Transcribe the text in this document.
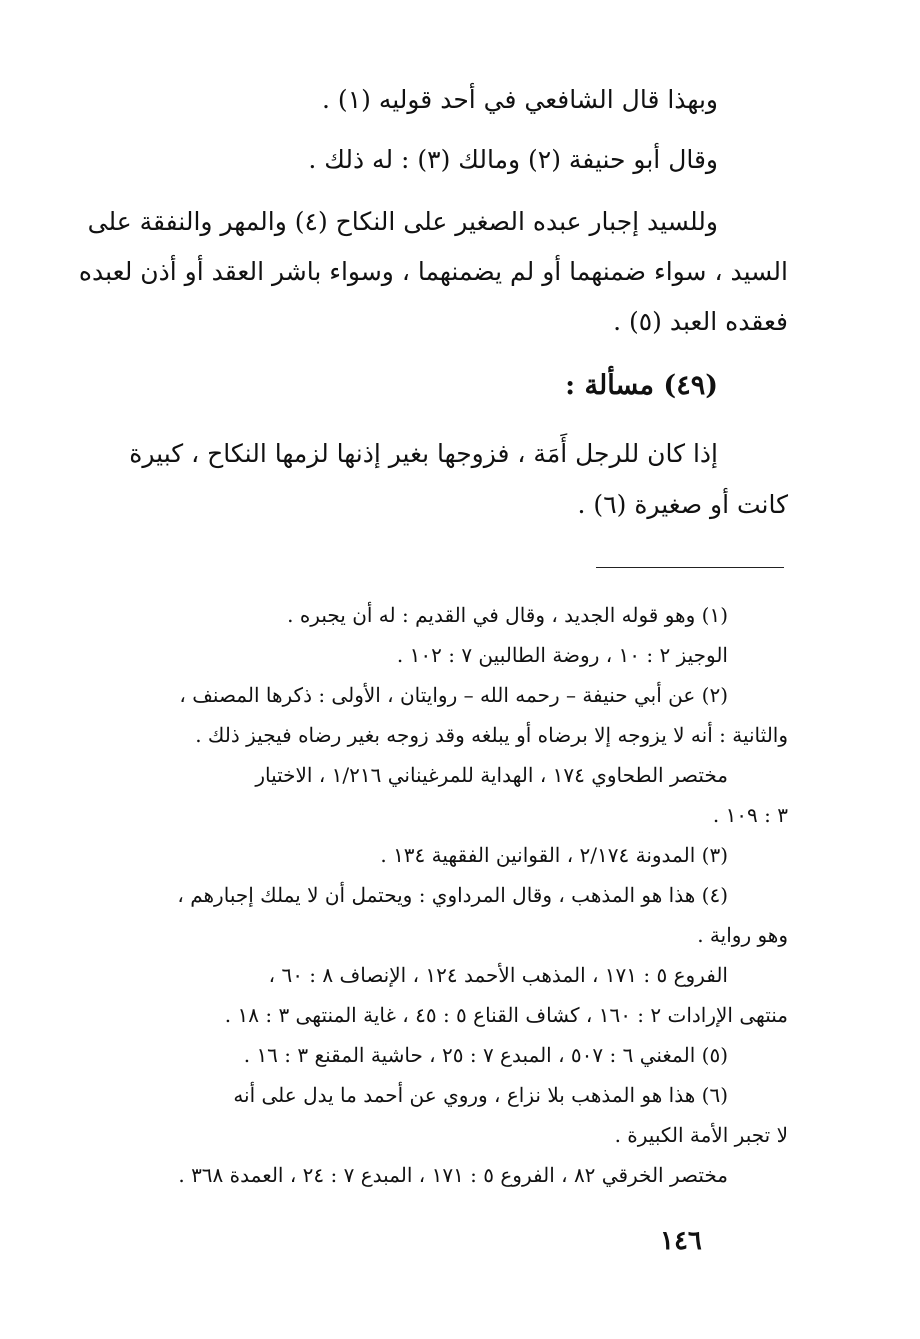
وبهذا قال الشافعي في أحد قوليه (١) .
وقال أبو حنيفة (٢) ومالك (٣) : له ذلك .
وللسيد إجبار عبده الصغير على النكاح (٤) والمهر والنفقة على
السيد ، سواء ضمنهما أو لم يضمنهما ، وسواء باشر العقد أو أذن لعبده
فعقده العبد (٥) .
(٤٩) مسألة :
إذا كان للرجل أَمَة ، فزوجها بغير إذنها لزمها النكاح ، كبيرة
كانت أو صغيرة (٦) .
(١) وهو قوله الجديد ، وقال في القديم : له أن يجبره .
الوجيز ٢ : ١٠ ، روضة الطالبين ٧ : ١٠٢ .
(٢) عن أبي حنيفة – رحمه الله – روايتان ، الأولى : ذكرها المصنف ،
والثانية : أنه لا يزوجه إلا برضاه أو يبلغه وقد زوجه بغير رضاه فيجيز ذلك .
مختصر الطحاوي ١٧٤ ، الهداية للمرغيناني ١/٢١٦ ، الاختيار
٣ : ١٠٩ .
(٣) المدونة ٢/١٧٤ ، القوانين الفقهية ١٣٤ .
(٤) هذا هو المذهب ، وقال المرداوي : ويحتمل أن لا يملك إجبارهم ،
وهو رواية .
الفروع ٥ : ١٧١ ، المذهب الأحمد ١٢٤ ، الإنصاف ٨ : ٦٠ ،
منتهى الإرادات ٢ : ١٦٠ ، كشاف القناع ٥ : ٤٥ ، غاية المنتهى ٣ : ١٨ .
(٥) المغني ٦ : ٥٠٧ ، المبدع ٧ : ٢٥ ، حاشية المقنع ٣ : ١٦ .
(٦) هذا هو المذهب بلا نزاع ، وروي عن أحمد ما يدل على أنه
لا تجبر الأمة الكبيرة .
مختصر الخرقي ٨٢ ، الفروع ٥ : ١٧١ ، المبدع ٧ : ٢٤ ، العمدة ٣٦٨ .
١٤٦
